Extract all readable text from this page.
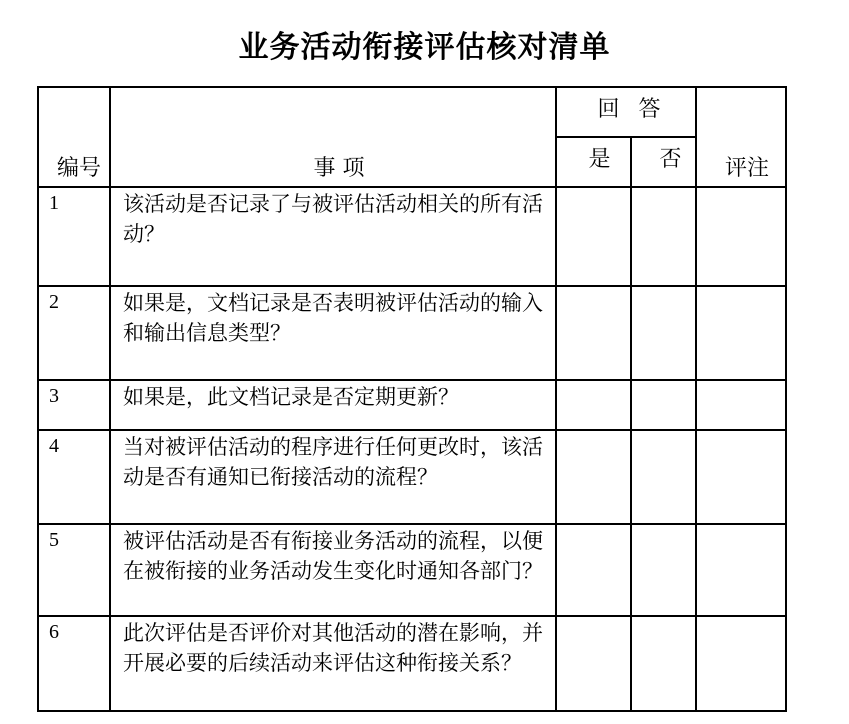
业务活动衔接评估核对清单
编号	事 项	回 答		评注
		是	否	
1	该活动是否记录了与被评估活动相关的所有活动？			
2	如果是，文档记录是否表明被评估活动的输入和输出信息类型？			
3	如果是，此文档记录是否定期更新？			
4	当对被评估活动的程序进行任何更改时，该活动是否有通知已衔接活动的流程？			
5	被评估活动是否有衔接业务活动的流程，以便在被衔接的业务活动发生变化时通知各部门？			
6	此次评估是否评价对其他活动的潜在影响，并开展必要的后续活动来评估这种衔接关系？			
